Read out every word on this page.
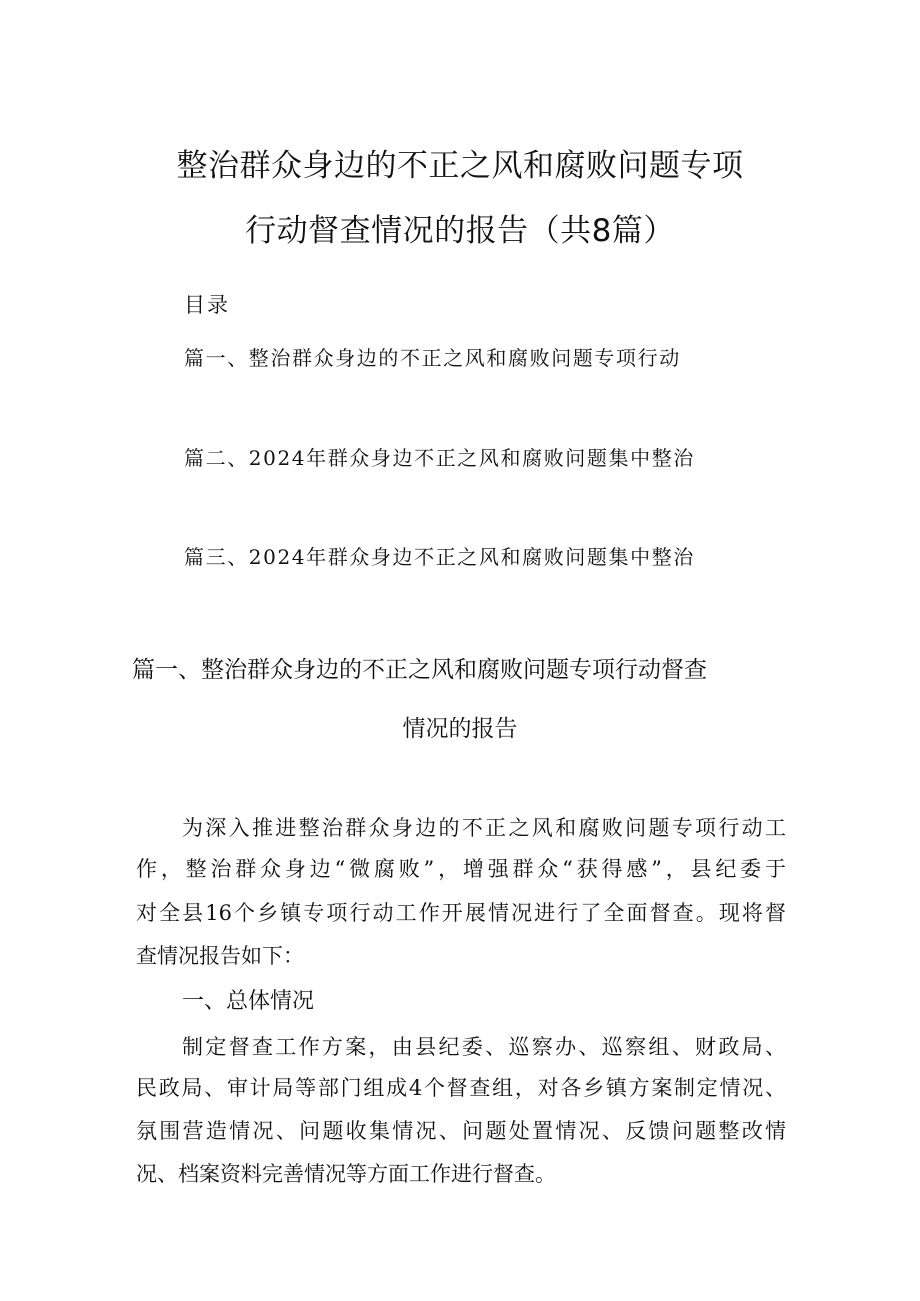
整治群众身边的不正之风和腐败问题专项
行动督查情况的报告（共8篇）
目录
篇一、整治群众身边的不正之风和腐败问题专项行动
篇二、2024年群众身边不正之风和腐败问题集中整治
篇三、2024年群众身边不正之风和腐败问题集中整治
篇一、整治群众身边的不正之风和腐败问题专项行动督查
情况的报告
为深入推进整治群众身边的不正之风和腐败问题专项行动工
作，整治群众身边“微腐败”，增强群众“获得感”，县纪委于
对全县16个乡镇专项行动工作开展情况进行了全面督查。现将督
查情况报告如下：
一、总体情况
制定督查工作方案，由县纪委、巡察办、巡察组、财政局、
民政局、审计局等部门组成4个督查组，对各乡镇方案制定情况、
氛围营造情况、问题收集情况、问题处置情况、反馈问题整改情
况、档案资料完善情况等方面工作进行督查。
